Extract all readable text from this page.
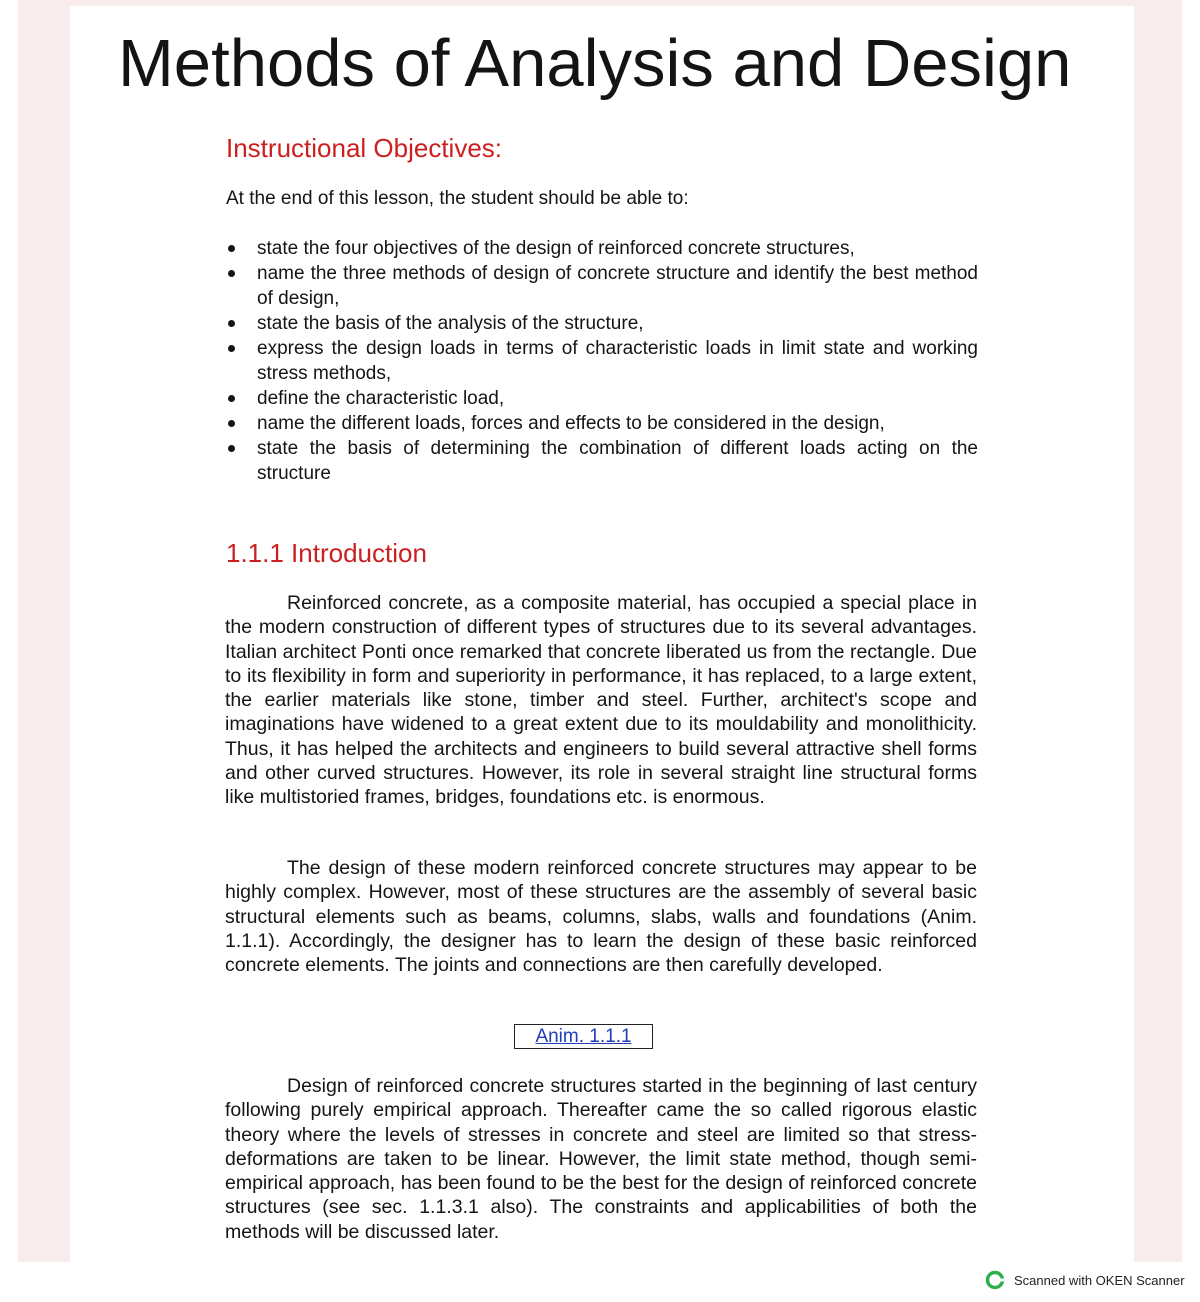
Methods of Analysis and Design
Instructional Objectives:

At the end of this lesson, the student should be able to:

state the four objectives of the design of reinforced concrete structures,
name the three methods of design of concrete structure and identify the best method of design,
state the basis of the analysis of the structure,
express the design loads in terms of characteristic loads in limit state and working stress methods,
define the characteristic load,
name the different loads, forces and effects to be considered in the design,
state the basis of determining the combination of different loads acting on the structure
1.1.1 Introduction

Reinforced concrete, as a composite material, has occupied a special place in the modern construction of different types of structures due to its several advantages. Italian architect Ponti once remarked that concrete liberated us from the rectangle. Due to its flexibility in form and superiority in performance, it has replaced, to a large extent, the earlier materials like stone, timber and steel. Further, architect's scope and imaginations have widened to a great extent due to its mouldability and monolithicity. Thus, it has helped the architects and engineers to build several attractive shell forms and other curved structures. However, its role in several straight line structural forms like multistoried frames, bridges, foundations etc. is enormous.

The design of these modern reinforced concrete structures may appear to be highly complex. However, most of these structures are the assembly of several basic structural elements such as beams, columns, slabs, walls and foundations (Anim. 1.1.1). Accordingly, the designer has to learn the design of these basic reinforced concrete elements. The joints and connections are then carefully developed.

Anim. 1.1.1

Design of reinforced concrete structures started in the beginning of last century following purely empirical approach. Thereafter came the so called rigorous elastic theory where the levels of stresses in concrete and steel are limited so that stress-deformations are taken to be linear. However, the limit state method, though semi-empirical approach, has been found to be the best for the design of reinforced concrete structures (see sec. 1.1.3.1 also). The constraints and applicabilities of both the methods will be discussed later.

Scanned with OKEN Scanner
